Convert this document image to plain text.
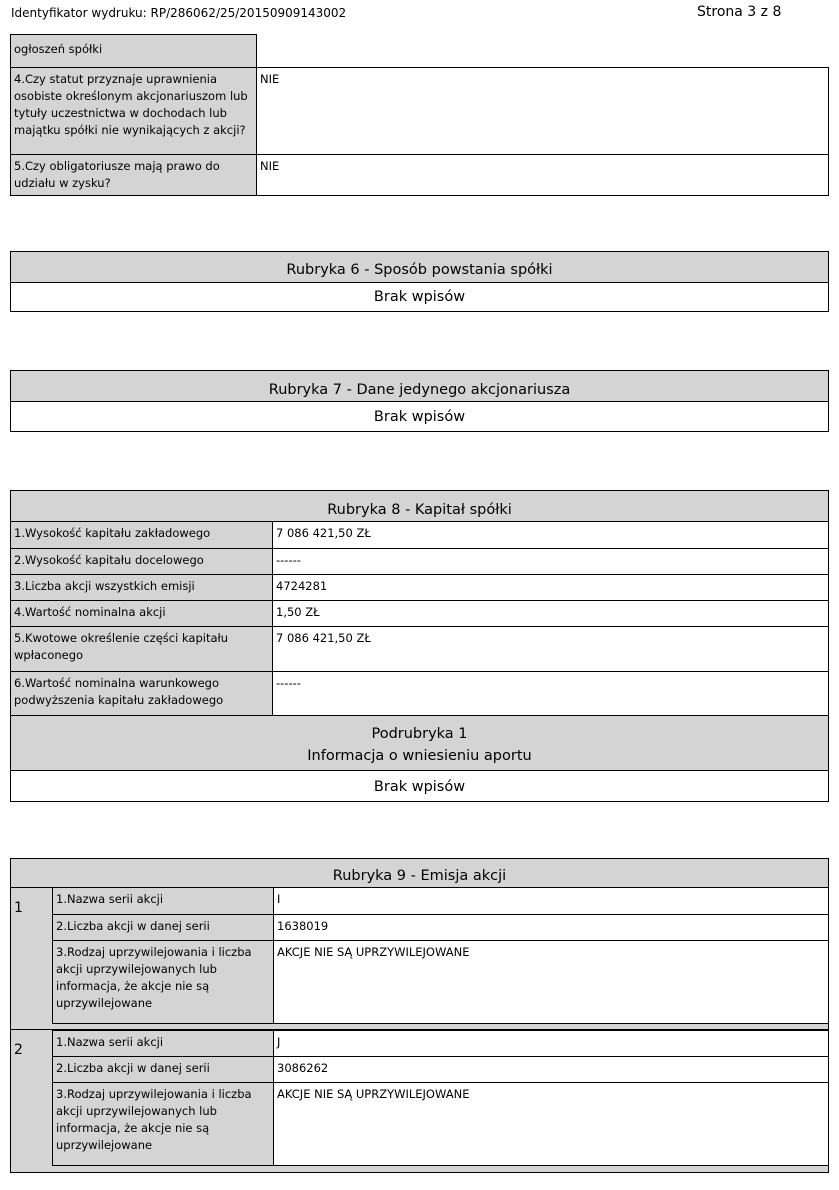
Identyfikator wydruku: RP/286062/25/20150909143002	Strona 3 z 8
ogłoszeń spółki	
4.Czy statut przyznaje uprawnienia osobiste określonym akcjonariuszom lub tytuły uczestnictwa w dochodach lub majątku spółki nie wynikających z akcji?	NIE
5.Czy obligatoriusze mają prawo do udziału w zysku?	NIE
Rubryka 6 - Sposób powstania spółki
Brak wpisów
Rubryka 7 - Dane jedynego akcjonariusza
Brak wpisów
Rubryka 8 - Kapitał spółki
1.Wysokość kapitału zakładowego	7 086 421,50 ZŁ
2.Wysokość kapitału docelowego	------
3.Liczba akcji wszystkich emisji	4724281
4.Wartość nominalna akcji	1,50 ZŁ
5.Kwotowe określenie części kapitału wpłaconego	7 086 421,50 ZŁ
6.Wartość nominalna warunkowego podwyższenia kapitału zakładowego	------
Podrubryka 1
Informacja o wniesieniu aportu
Brak wpisów
Rubryka 9 - Emisja akcji
1
1.Nazwa serii akcji	I
2.Liczba akcji w danej serii	1638019
3.Rodzaj uprzywilejowania i liczba akcji uprzywilejowanych lub informacja, że akcje nie są uprzywilejowane	AKCJE NIE SĄ UPRZYWILEJOWANE
2	1.Nazwa serii akcji	J
2.Liczba akcji w danej serii	3086262
3.Rodzaj uprzywilejowania i liczba akcji uprzywilejowanych lub informacja, że akcje nie są uprzywilejowane	AKCJE NIE SĄ UPRZYWILEJOWANE
